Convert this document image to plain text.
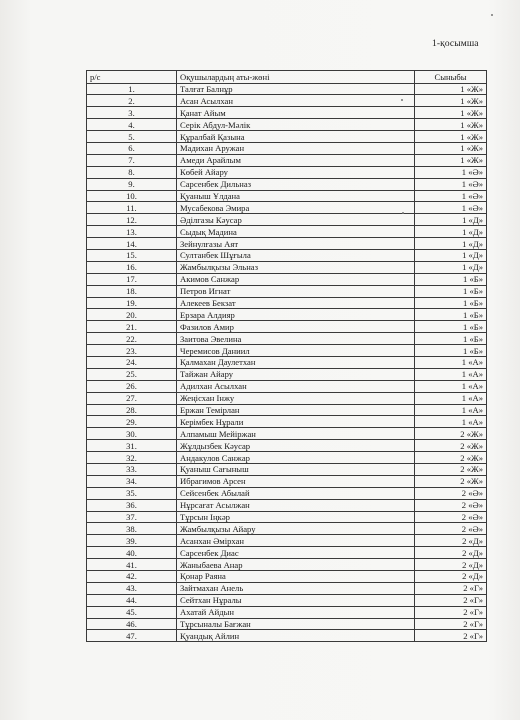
1-қосымша
р/с	Оқушылардың аты-жөні	Сыныбы
1.	Талғат Балнұр	1 «Ж»
2.	Асан Асылхан	1 «Ж»
3.	Қанат Айым	1 «Ж»
4.	Серік Абдул-Мәлік	1 «Ж»
5.	Құралбай Қазына	1 «Ж»
6.	Мадихан Аружан	1 «Ж»
7.	Амеди Арайлым	1 «Ж»
8.	Көбей Айару	1 «Ә»
9.	Сарсенбек Дильназ	1 «Ә»
10.	Қуаныш Ұлдана	1 «Ә»
11.	Мусабекова Эмира	1 «Ә»
12.	Әділгазы Кәусар	1 «Д»
13.	Сыдық Мадина	1 «Д»
14.	Зейнулғазы Аят	1 «Д»
15.	Султанбек Шұғыла	1 «Д»
16.	Жамбылқызы Эльназ	1 «Д»
17.	Акимов Санжар	1 «Б»
18.	Петров Игнат	1 «Б»
19.	Алекеев Бекзат	1 «Б»
20.	Ерзара Алдияр	1 «Б»
21.	Фазилов Амир	1 «Б»
22.	Заитова Эвелина	1 «Б»
23.	Черемисов Даниил	1 «Б»
24.	Қалмахан Даулетхан	1 «А»
25.	Тайжан Айару	1 «А»
26.	Адилхан Асылхан	1 «А»
27.	Жеңісхан Інжу	1 «А»
28.	Ержан Темірлан	1 «А»
29.	Керімбек Нұрали	1 «А»
30.	Алпамыш Мейіржан	2 «Ж»
31.	Жұлдызбек Кәусар	2 «Ж»
32.	Андакулов Санжар	2 «Ж»
33.	Қуаныш Сағыныш	2 «Ж»
34.	Ибрагимов Арсен	2 «Ж»
35.	Сейсенбек Абылай	2 «Ә»
36.	Нұрсағат Асылжан	2 «Ә»
37.	Тұрсын Іңкәр	2 «Ә»
38.	Жамбылқызы Айару	2 «Ә»
39.	Асанхан Әмірхан	2 «Д»
40.	Сарсенбек Диас	2 «Д»
41.	Жаныбаева Анар	2 «Д»
42.	Қонар Раяна	2 «Д»
43.	Зайтмахан Анель	2 «Г»
44.	Сейтхан Нұралы	2 «Г»
45.	Ахатай Айдын	2 «Г»
46.	Тұрсыналы Бағжан	2 «Г»
47.	Қуандық Айлин	2 «Г»
